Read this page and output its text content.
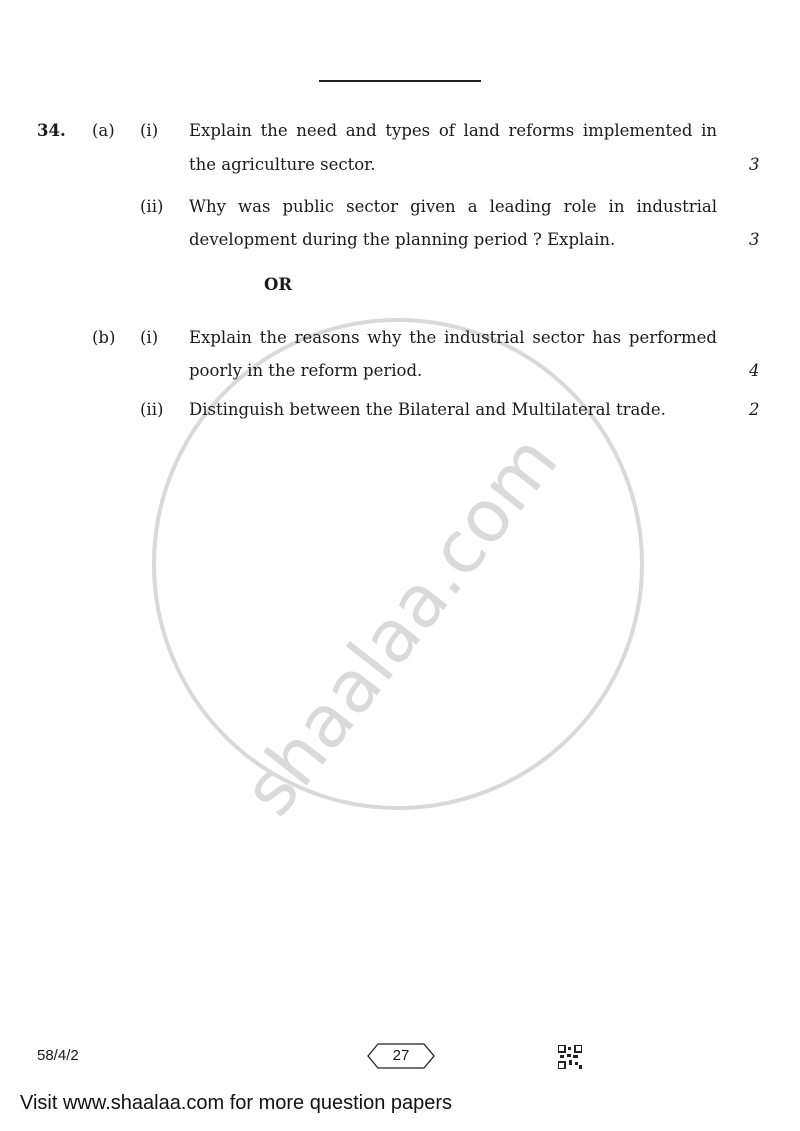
shaalaa.com
34. (a) (i) Explain the need and types of land reforms implemented in
the agriculture sector.	3
(ii) Why was public sector given a leading role in industrial
development during the planning period ? Explain.	3
OR
(b) (i) Explain the reasons why the industrial sector has performed
poorly in the reform period.	4
(ii) Distinguish between the Bilateral and Multilateral trade.	2
58/4/2	27
Visit www.shaalaa.com for more question papers
